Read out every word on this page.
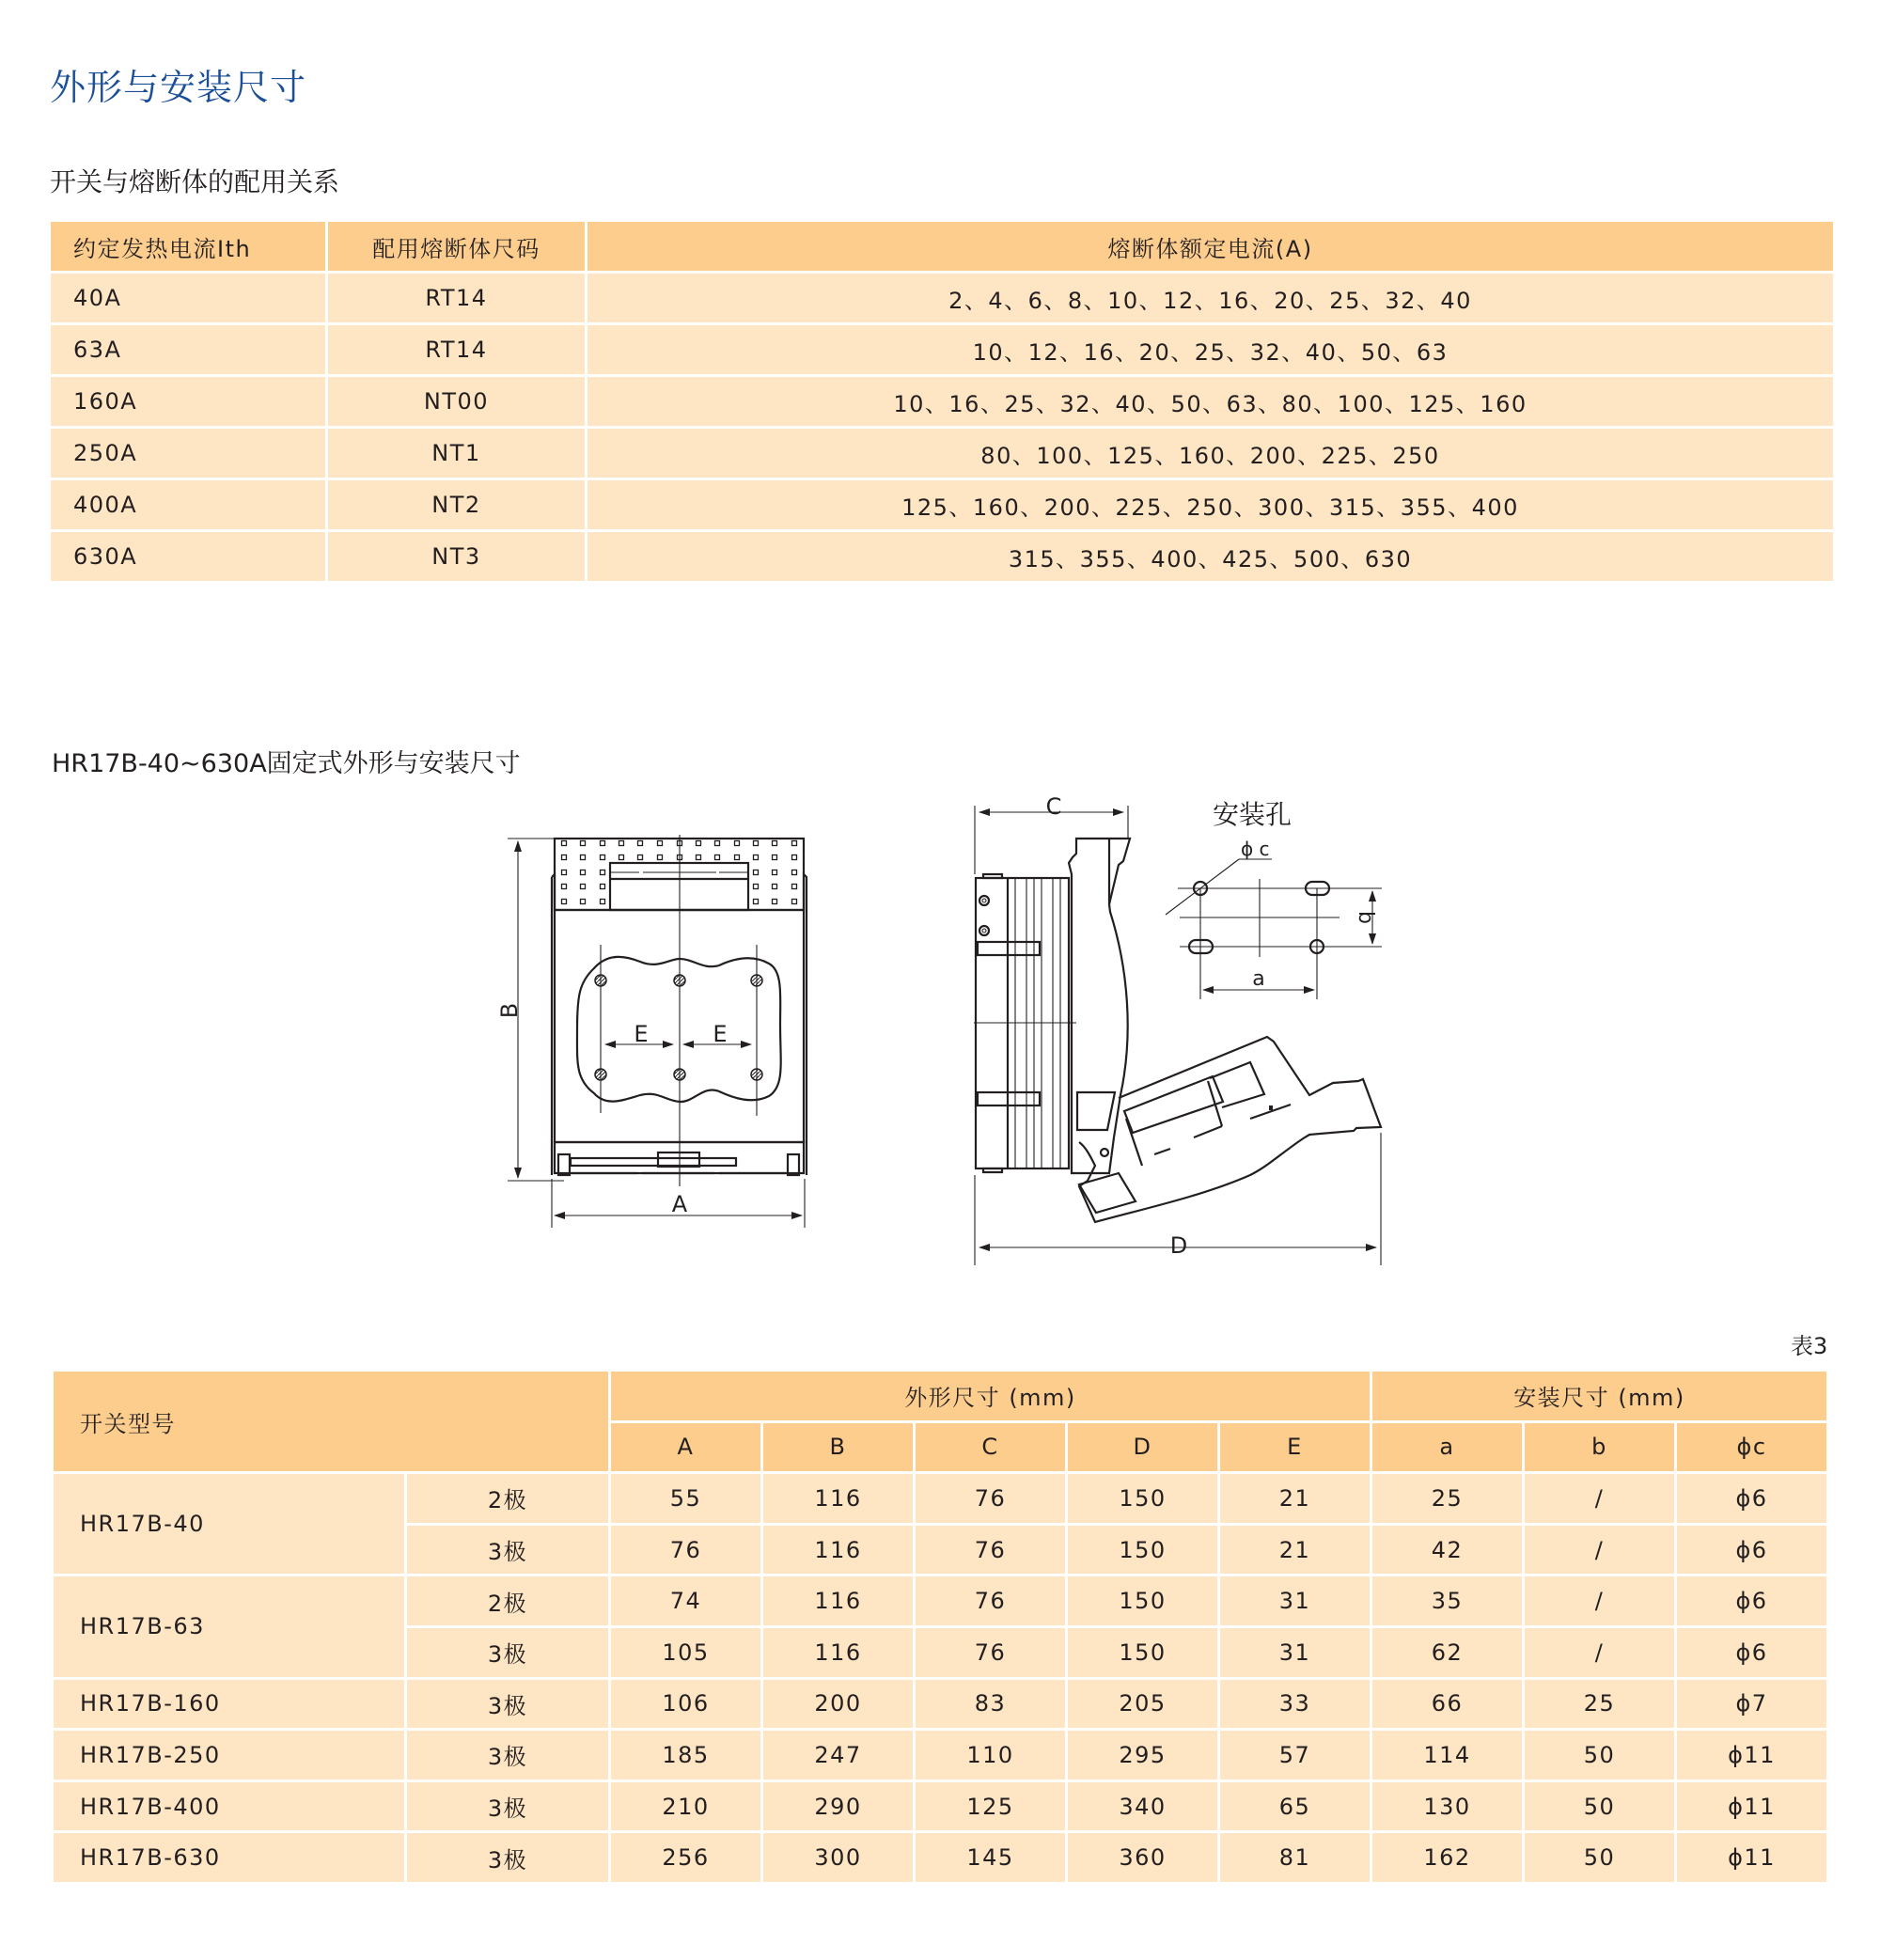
外形与安装尺寸
开关与熔断体的配用关系
约定发热电流Ith	配用熔断体尺码	熔断体额定电流(A)
40A	RT14	2、4、6、8、10、12、16、20、25、32、40
63A	RT14	10、12、16、20、25、32、40、50、63
160A	NT00	10、16、25、32、40、50、63、80、100、125、160
250A	NT1	80、100、125、160、200、225、250
400A	NT2	125、160、200、225、250、300、315、355、400
630A	NT3	315、355、400、425、500、630
HR17B-40~630A固定式外形与安装尺寸
E	E
B
A
C
D
安装孔
ϕ c
b
a
表3
开关型号		外形尺寸 (mm)					安装尺寸 (mm)		
		A	B	C	D	E	a	b	ϕc
HR17B-40	2极	55	116	76	150	21	25	/	ϕ6
	3极	76	116	76	150	21	42	/	ϕ6
HR17B-63	2极	74	116	76	150	31	35	/	ϕ6
	3极	105	116	76	150	31	62	/	ϕ6
HR17B-160	3极	106	200	83	205	33	66	25	ϕ7
HR17B-250	3极	185	247	110	295	57	114	50	ϕ11
HR17B-400	3极	210	290	125	340	65	130	50	ϕ11
HR17B-630	3极	256	300	145	360	81	162	50	ϕ11
